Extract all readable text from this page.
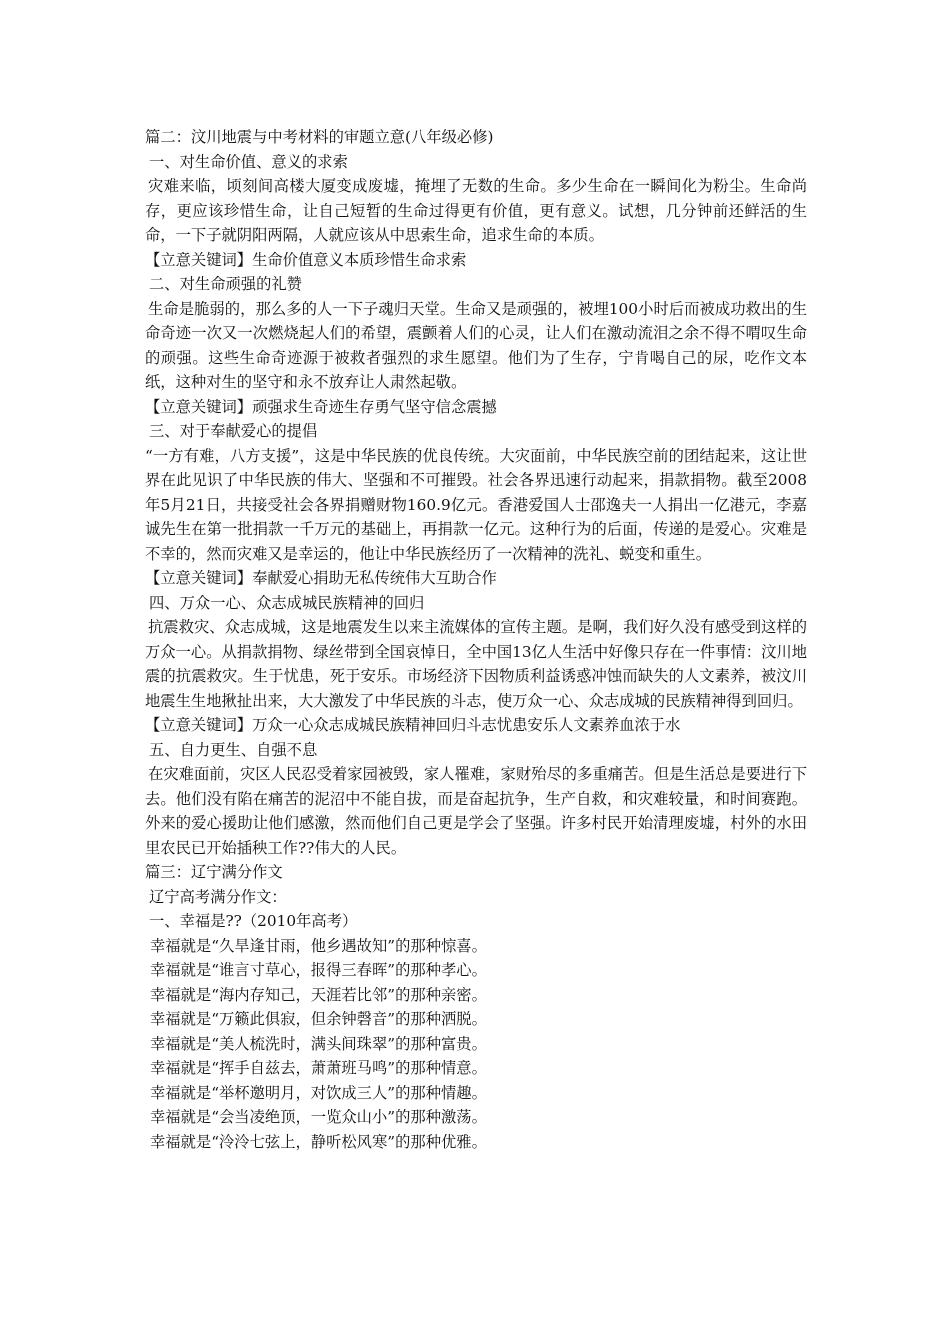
篇二：汶川地震与中考材料的审题立意(八年级必修)

一、对生命价值、意义的求索

灾难来临，顷刻间高楼大厦变成废墟，掩埋了无数的生命。多少生命在一瞬间化为粉尘。生命尚存，更应该珍惜生命，让自己短暂的生命过得更有价值，更有意义。试想，几分钟前还鲜活的生命，一下子就阴阳两隔，人就应该从中思索生命，追求生命的本质。

【立意关键词】生命价值意义本质珍惜生命求索

二、对生命顽强的礼赞

生命是脆弱的，那么多的人一下子魂归天堂。生命又是顽强的，被埋100小时后而被成功救出的生命奇迹一次又一次燃烧起人们的希望，震颤着人们的心灵，让人们在激动流泪之余不得不喟叹生命的顽强。这些生命奇迹源于被救者强烈的求生愿望。他们为了生存，宁肯喝自己的尿，吃作文本纸，这种对生的坚守和永不放弃让人肃然起敬。

【立意关键词】顽强求生奇迹生存勇气坚守信念震撼

三、对于奉献爱心的提倡

“一方有难，八方支援”，这是中华民族的优良传统。大灾面前，中华民族空前的团结起来，这让世界在此见识了中华民族的伟大、坚强和不可摧毁。社会各界迅速行动起来，捐款捐物。截至2008年5月21日，共接受社会各界捐赠财物160.9亿元。香港爱国人士邵逸夫一人捐出一亿港元，李嘉诚先生在第一批捐款一千万元的基础上，再捐款一亿元。这种行为的后面，传递的是爱心。灾难是不幸的，然而灾难又是幸运的，他让中华民族经历了一次精神的洗礼、蜕变和重生。

【立意关键词】奉献爱心捐助无私传统伟大互助合作

四、万众一心、众志成城民族精神的回归

抗震救灾、众志成城，这是地震发生以来主流媒体的宣传主题。是啊，我们好久没有感受到这样的万众一心。从捐款捐物、绿丝带到全国哀悼日，全中国13亿人生活中好像只存在一件事情：汶川地震的抗震救灾。生于忧患，死于安乐。市场经济下因物质利益诱惑冲蚀而缺失的人文素养，被汶川地震生生地揪扯出来，大大激发了中华民族的斗志，使万众一心、众志成城的民族精神得到回归。

【立意关键词】万众一心众志成城民族精神回归斗志忧患安乐人文素养血浓于水

五、自力更生、自强不息

在灾难面前，灾区人民忍受着家园被毁，家人罹难，家财殆尽的多重痛苦。但是生活总是要进行下去。他们没有陷在痛苦的泥沼中不能自拔，而是奋起抗争，生产自救，和灾难较量，和时间赛跑。外来的爱心援助让他们感激，然而他们自己更是学会了坚强。许多村民开始清理废墟，村外的水田里农民已开始插秧工作??伟大的人民。

篇三：辽宁满分作文

辽宁高考满分作文：

一、幸福是??（2010年高考）

幸福就是“久旱逢甘雨，他乡遇故知”的那种惊喜。

幸福就是“谁言寸草心，报得三春晖”的那种孝心。

幸福就是“海内存知己，天涯若比邻”的那种亲密。

幸福就是“万籁此俱寂，但余钟磬音”的那种洒脱。

幸福就是“美人梳洗时，满头间珠翠”的那种富贵。

幸福就是“挥手自兹去，萧萧班马鸣”的那种情意。

幸福就是“举杯邀明月，对饮成三人”的那种情趣。

幸福就是“会当凌绝顶，一览众山小”的那种激荡。

幸福就是“泠泠七弦上，静听松风寒”的那种优雅。
